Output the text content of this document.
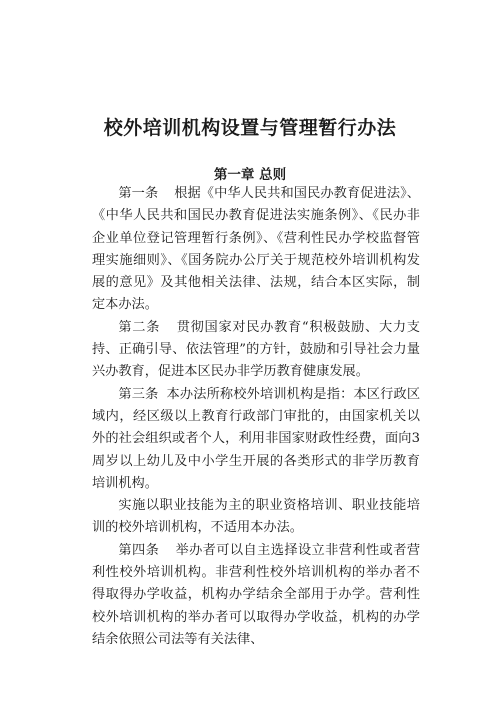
校外培训机构设置与管理暂行办法
第一章 总则

第一条 根据《中华人民共和国民办教育促进法》、《中华人民共和国民办教育促进法实施条例》、《民办非企业单位登记管理暂行条例》、《营利性民办学校监督管理实施细则》、《国务院办公厅关于规范校外培训机构发展的意见》及其他相关法律、法规，结合本区实际，制定本办法。

第二条 贯彻国家对民办教育“积极鼓励、大力支持、正确引导、依法管理”的方针，鼓励和引导社会力量兴办教育，促进本区民办非学历教育健康发展。

第三条 本办法所称校外培训机构是指：本区行政区域内，经区级以上教育行政部门审批的，由国家机关以外的社会组织或者个人，利用非国家财政性经费，面向3周岁以上幼儿及中小学生开展的各类形式的非学历教育培训机构。

实施以职业技能为主的职业资格培训、职业技能培训的校外培训机构，不适用本办法。

第四条 举办者可以自主选择设立非营利性或者营利性校外培训机构。非营利性校外培训机构的举办者不得取得办学收益，机构办学结余全部用于办学。营利性校外培训机构的举办者可以取得办学收益，机构的办学结余依照公司法等有关法律、
